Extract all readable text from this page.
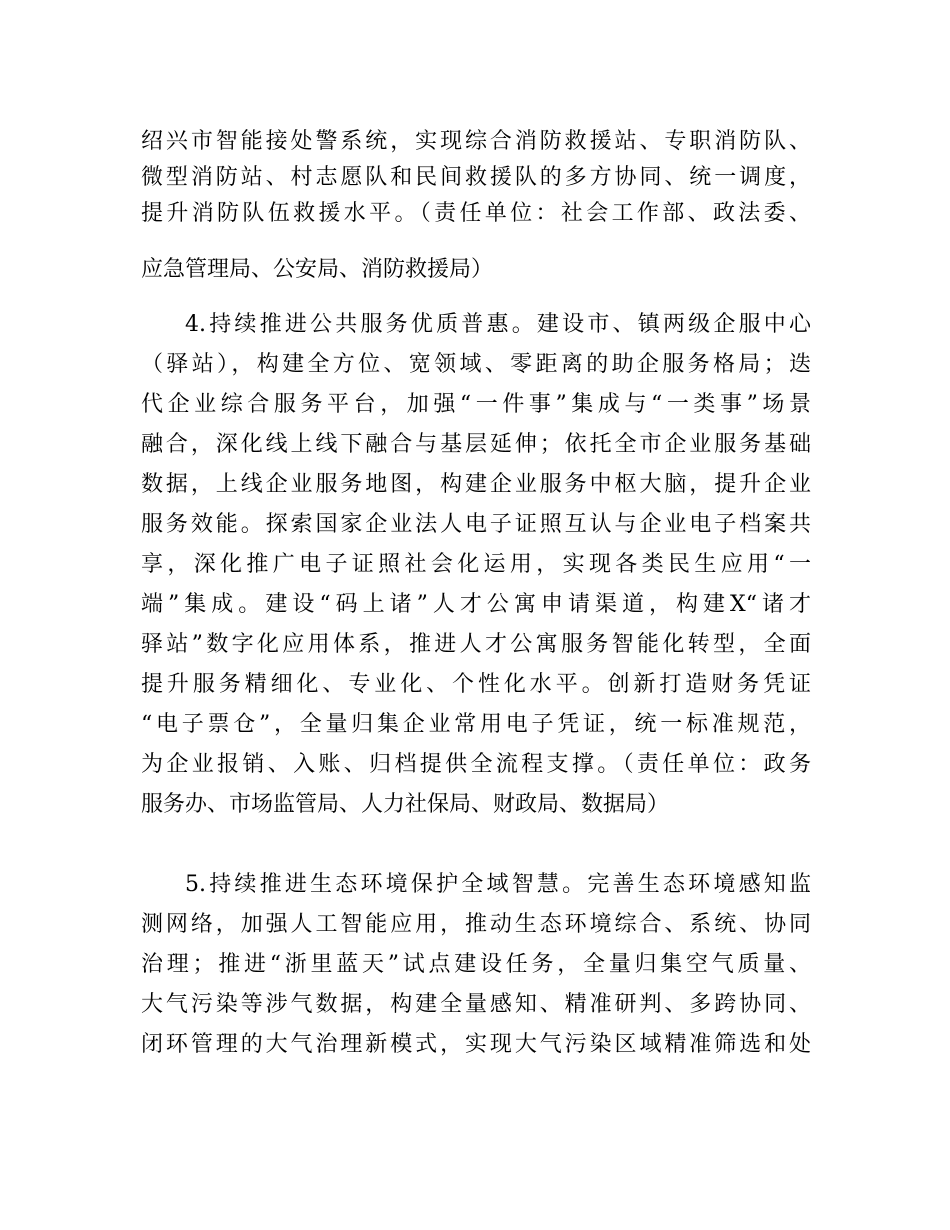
绍兴市智能接处警系统，实现综合消防救援站、专职消防队、
微型消防站、村志愿队和民间救援队的多方协同、统一调度，
提升消防队伍救援水平。（责任单位：社会工作部、政法委、
应急管理局、公安局、消防救援局）
4.持续推进公共服务优质普惠。建设市、镇两级企服中心
（驿站），构建全方位、宽领域、零距离的助企服务格局；迭
代企业综合服务平台，加强“一件事”集成与“一类事”场景
融合，深化线上线下融合与基层延伸；依托全市企业服务基础
数据，上线企业服务地图，构建企业服务中枢大脑，提升企业
服务效能。探索国家企业法人电子证照互认与企业电子档案共
享，深化推广电子证照社会化运用，实现各类民生应用“一
端”集成。建设“码上诸”人才公寓申请渠道，构建X“诸才
驿站”数字化应用体系，推进人才公寓服务智能化转型，全面
提升服务精细化、专业化、个性化水平。创新打造财务凭证
“电子票仓”，全量归集企业常用电子凭证，统一标准规范，
为企业报销、入账、归档提供全流程支撑。（责任单位：政务
服务办、市场监管局、人力社保局、财政局、数据局）
5.持续推进生态环境保护全域智慧。完善生态环境感知监
测网络，加强人工智能应用，推动生态环境综合、系统、协同
治理；推进“浙里蓝天”试点建设任务，全量归集空气质量、
大气污染等涉气数据，构建全量感知、精准研判、多跨协同、
闭环管理的大气治理新模式，实现大气污染区域精准筛选和处
